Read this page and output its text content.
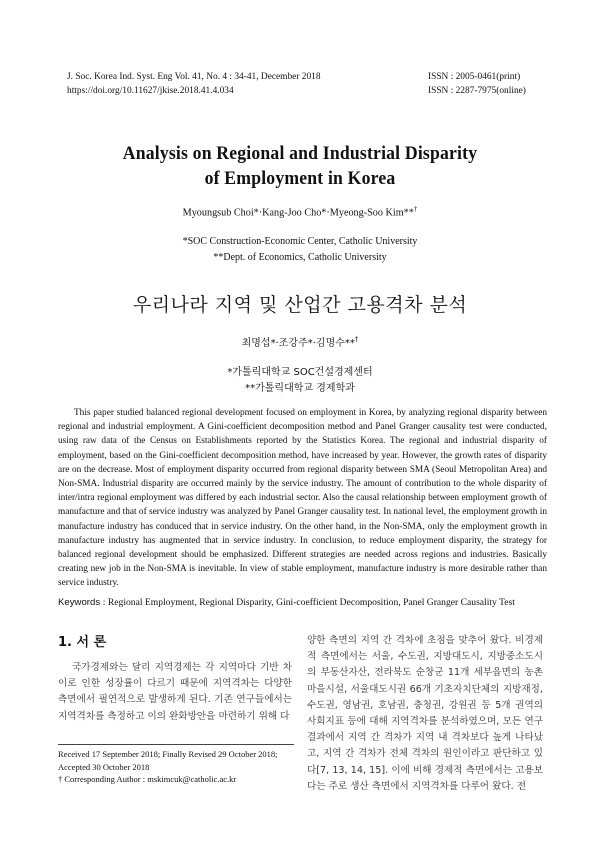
J. Soc. Korea Ind. Syst. Eng Vol. 41, No. 4 : 34-41, December 2018
https://doi.org/10.11627/jkise.2018.41.4.034
ISSN : 2005-0461(print)
ISSN : 2287-7975(online)
Analysis on Regional and Industrial Disparity
of Employment in Korea
Myoungsub Choi*·Kang-Joo Cho*·Myeong-Soo Kim**†
*SOC Construction-Economic Center, Catholic University
**Dept. of Economics, Catholic University
우리나라 지역 및 산업간 고용격차 분석
최명섭*·조강주*·김명수**†
*가톨릭대학교 SOC건설경제센터
**가톨릭대학교 경제학과

This paper studied balanced regional development focused on employment in Korea, by analyzing regional disparity between regional and industrial employment. A Gini-coefficient decomposition method and Panel Granger causality test were conducted, using raw data of the Census on Establishments reported by the Statistics Korea. The regional and industrial disparity of employment, based on the Gini-coefficient decomposition method, have increased by year. However, the growth rates of disparity are on the decrease. Most of employment disparity occurred from regional disparity between SMA (Seoul Metropolitan Area) and Non-SMA. Industrial disparity are occurred mainly by the service industry. The amount of contribution to the whole disparity of inter/intra regional employment was differed by each industrial sector. Also the causal relationship between employment growth of manufacture and that of service industry was analyzed by Panel Granger causality test. In national level, the employment growth in manufacture industry has conduced that in service industry. On the other hand, in the Non-SMA, only the employment growth in manufacture industry has augmented that in service industry. In conclusion, to reduce employment disparity, the strategy for balanced regional development should be emphasized. Different strategies are needed across regions and industries. Basically creating new job in the Non-SMA is inevitable. In view of stable employment, manufacture industry is more desirable rather than service industry.

Keywords : Regional Employment, Regional Disparity, Gini-coefficient Decomposition, Panel Granger Causality Test
1. 서 론

국가경제와는 달리 지역경제는 각 지역마다 기반 차이로 인한 성장률이 다르기 때문에 지역격차는 다양한 측면에서 필연적으로 발생하게 된다. 기존 연구들에서는 지역격차를 측정하고 이의 완화방안을 마련하기 위해 다

양한 측면의 지역 간 격차에 초점을 맞추어 왔다. 비경제적 측면에서는 서울, 수도권, 지방대도시, 지방중소도시의 부동산자산, 전라북도 순창군 11개 세부읍면의 농촌마을시설, 서울대도시권 66개 기초자치단체의 지방재정, 수도권, 영남권, 호남권, 충청권, 강원권 등 5개 권역의 사회지표 등에 대해 지역격차를 분석하였으며, 모든 연구결과에서 지역 간 격차가 지역 내 격차보다 높게 나타났고, 지역 간 격차가 전체 격차의 원인이라고 판단하고 있다[7, 13, 14, 15]. 이에 비해 경제적 측면에서는 고용보다는 주로 생산 측면에서 지역격차를 다루어 왔다. 전

Received 17 September 2018; Finally Revised 29 October 2018; Accepted 30 October 2018
† Corresponding Author : mskimcuk@catholic.ac.kr
